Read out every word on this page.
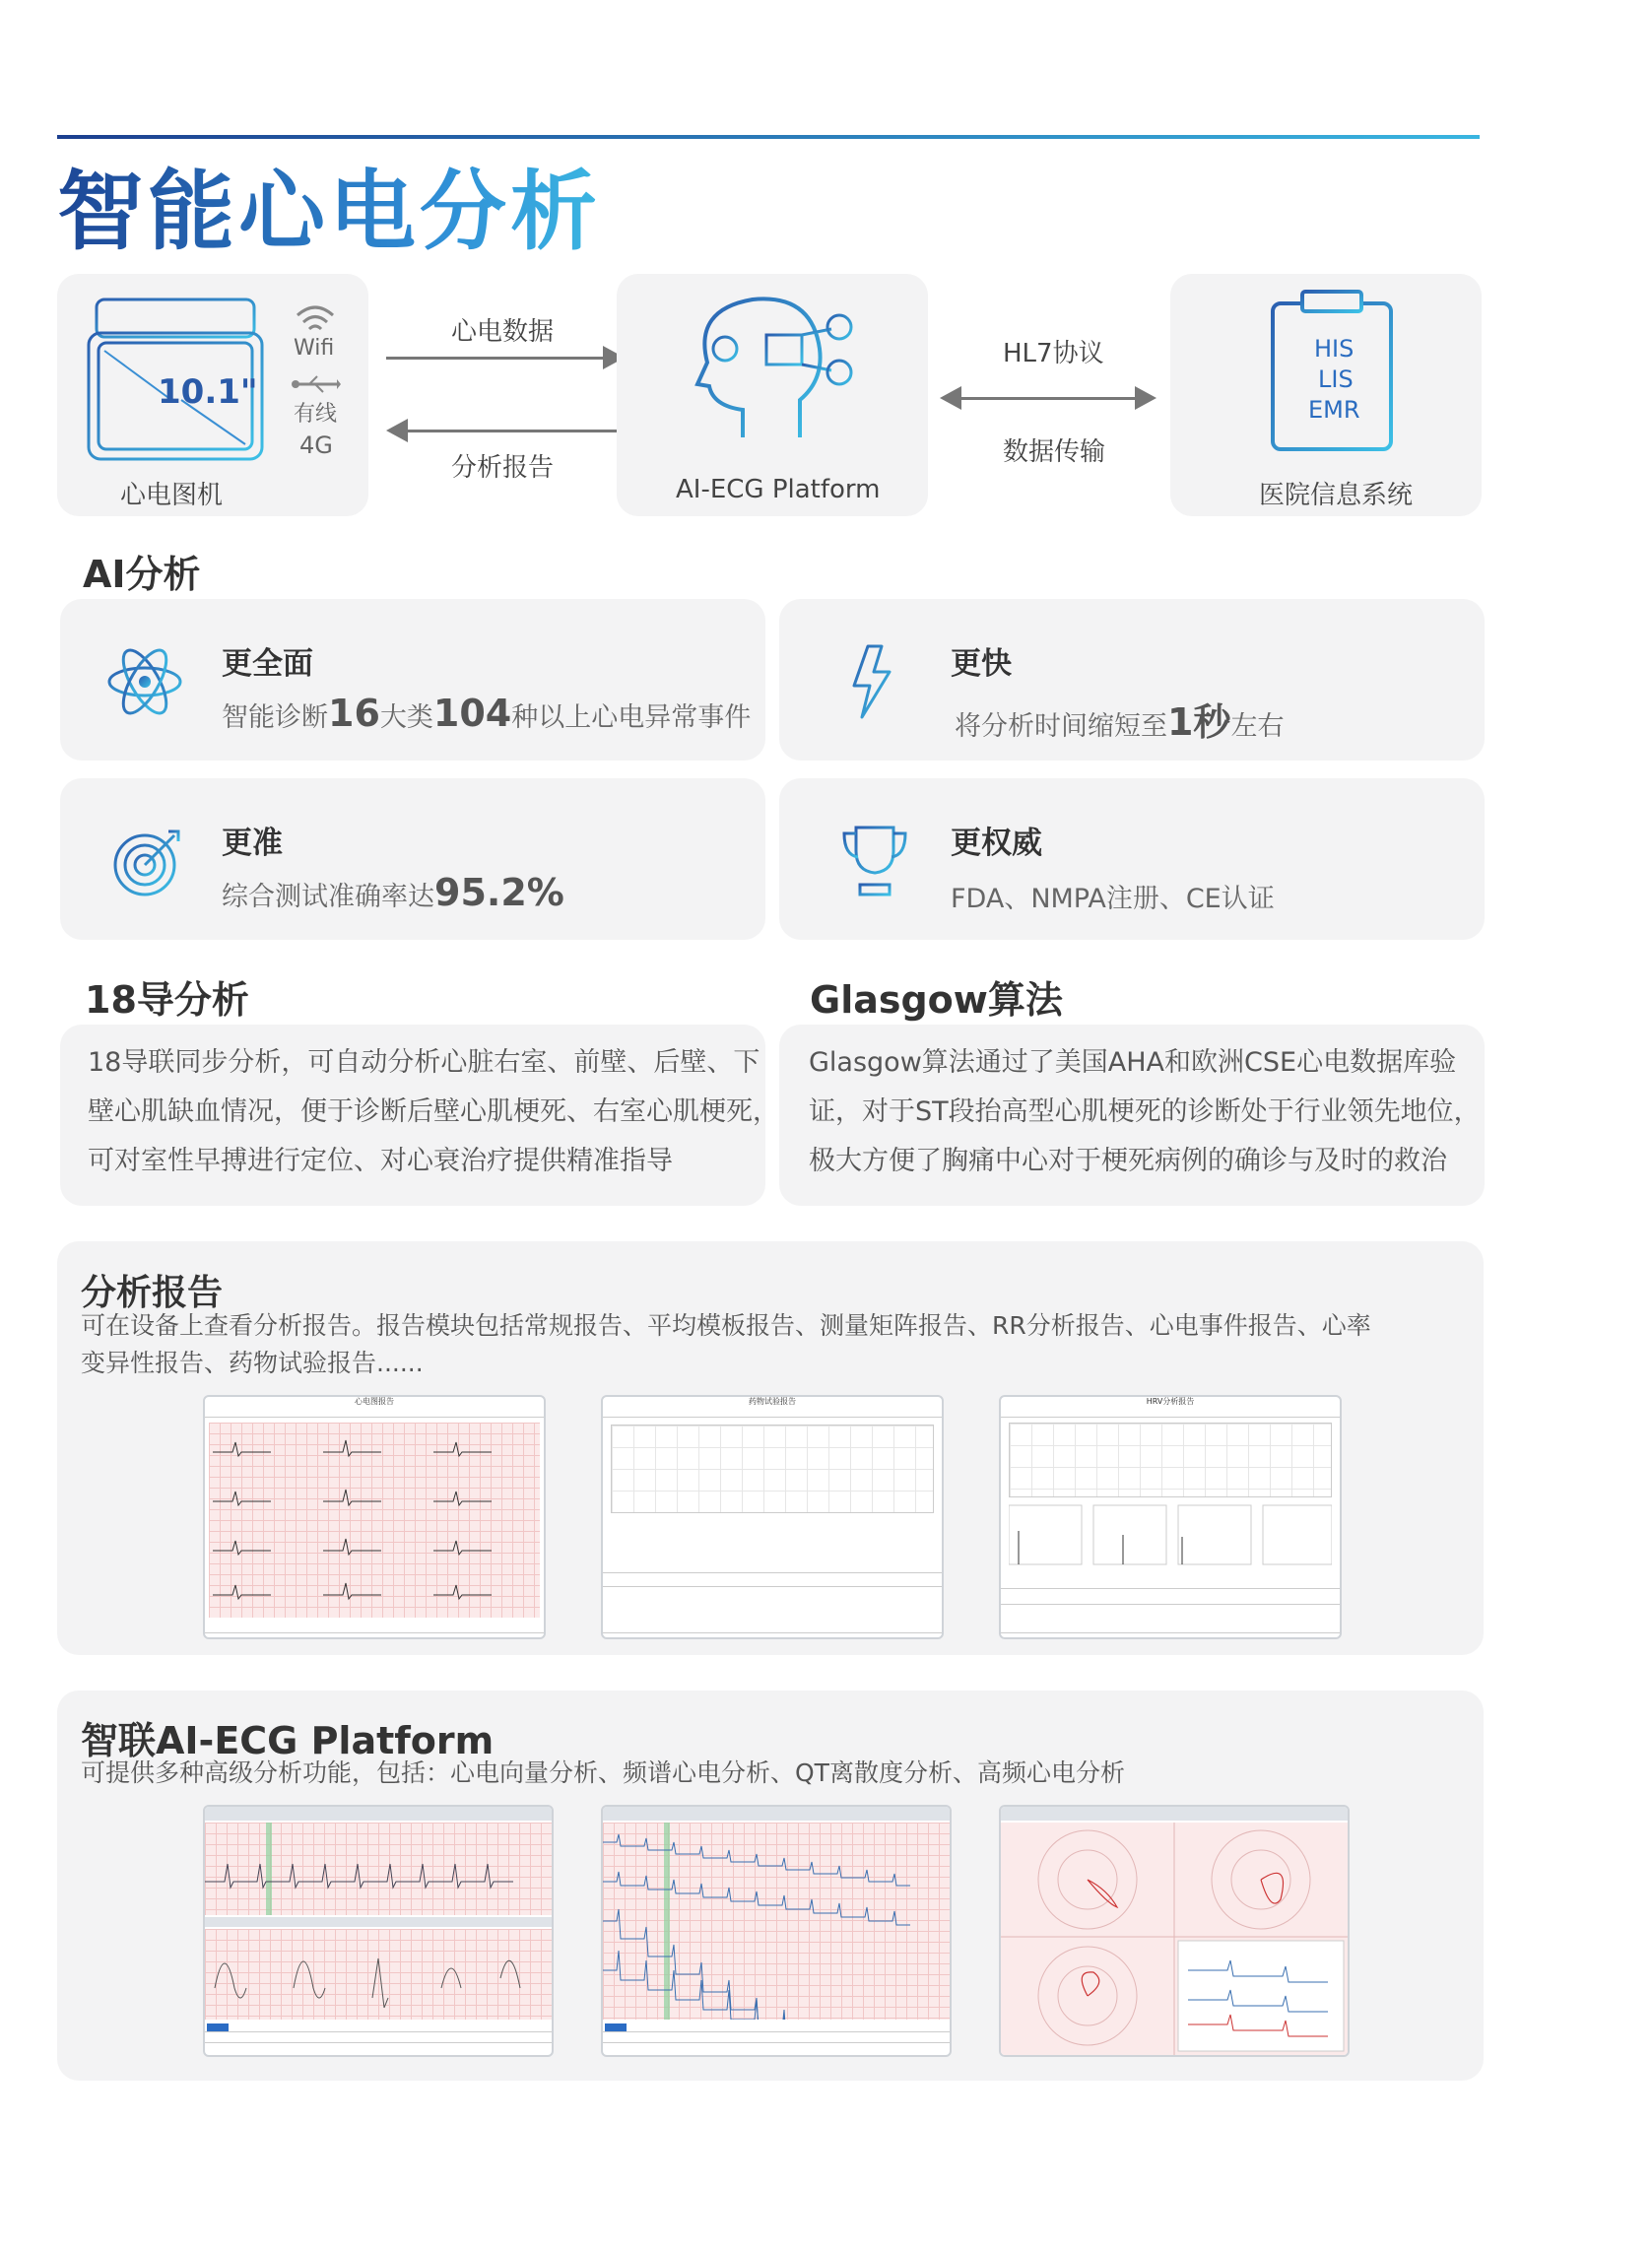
智能心电分析
10.1"
Wifi
有线
4G
心电图机
心电数据
分析报告
AI-ECG Platform
HL7协议
数据传输
HIS
LIS
EMR
医院信息系统
AI分析
更全面
智能诊断16大类104种以上心电异常事件
更快
将分析时间缩短至1秒左右
更准
综合测试准确率达95.2%
更权威
FDA、NMPA注册、CE认证
18导分析
18导联同步分析，可自动分析心脏右室、前壁、后壁、下
壁心肌缺血情况，便于诊断后壁心肌梗死、右室心肌梗死，
可对室性早搏进行定位、对心衰治疗提供精准指导
Glasgow算法
Glasgow算法通过了美国AHA和欧洲CSE心电数据库验
证，对于ST段抬高型心肌梗死的诊断处于行业领先地位，
极大方便了胸痛中心对于梗死病例的确诊与及时的救治
分析报告
可在设备上查看分析报告。报告模块包括常规报告、平均模板报告、测量矩阵报告、RR分析报告、心电事件报告、心率
变异性报告、药物试验报告......
心电图报告	药物试验报告	HRV分析报告
智联AI-ECG Platform
可提供多种高级分析功能，包括：心电向量分析、频谱心电分析、QT离散度分析、高频心电分析
